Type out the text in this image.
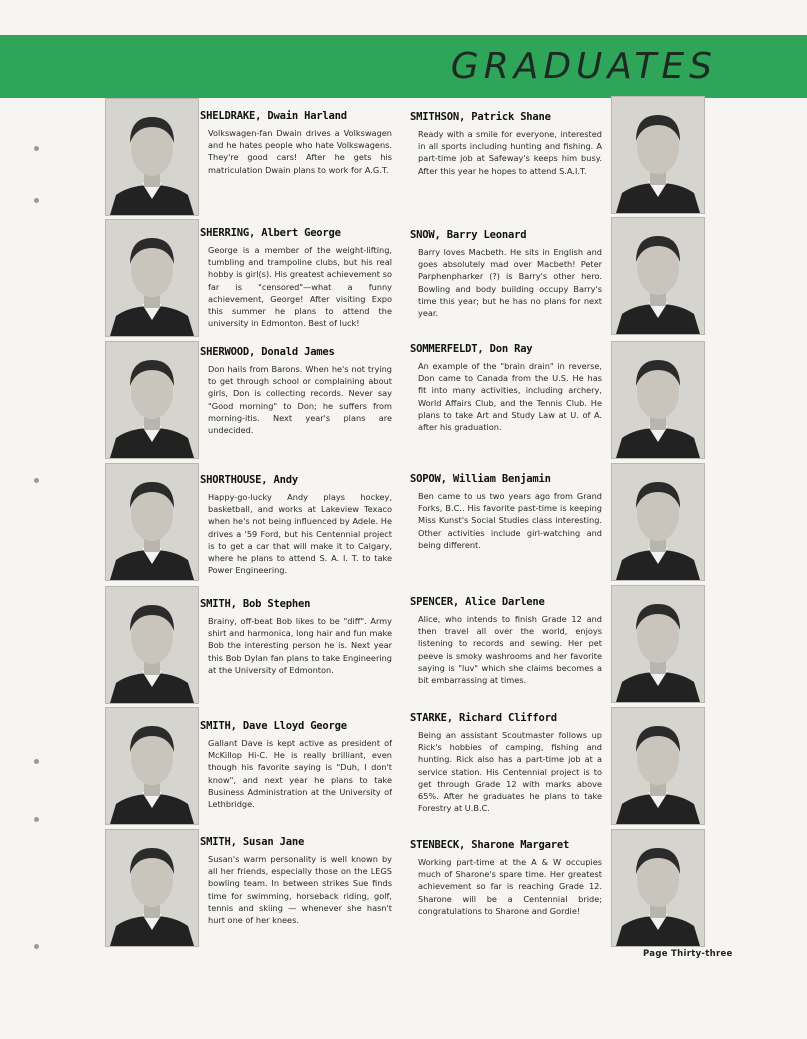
GRADUATES
SHELDRAKE, Dwain Harland
Volkswagen-fan Dwain drives a Volkswagen and he hates people who hate Volkswagens. They're good cars! After he gets his matriculation Dwain plans to work for A.G.T.
SHERRING, Albert George
George is a member of the weight-lifting, tumbling and trampoline clubs, but his real hobby is girl(s). His greatest achievement so far is "censored"—what a funny achievement, George! After visiting Expo this summer he plans to attend the university in Edmonton. Best of luck!
SHERWOOD, Donald James
Don hails from Barons. When he's not trying to get through school or complaining about girls, Don is collecting records. Never say "Good morning" to Don; he suffers from morning-itis. Next year's plans are undecided.
SHORTHOUSE, Andy
Happy-go-lucky Andy plays hockey, basketball, and works at Lakeview Texaco when he's not being influenced by Adele. He drives a '59 Ford, but his Centennial project is to get a car that will make it to Calgary, where he plans to attend S. A. I. T. to take Power Engineering.
SMITH, Bob Stephen
Brainy, off-beat Bob likes to be "diff". Army shirt and harmonica, long hair and fun make Bob the interesting person he is. Next year this Bob Dylan fan plans to take Engineering at the University of Edmonton.
SMITH, Dave Lloyd George
Gallant Dave is kept active as president of McKillop Hi-C. He is really brilliant, even though his favorite saying is "Duh, I don't know", and next year he plans to take Business Administration at the University of Lethbridge.
SMITH, Susan Jane
Susan's warm personality is well known by all her friends, especially those on the LEGS bowling team. In between strikes Sue finds time for swimming, horseback riding, golf, tennis and skiing — whenever she hasn't hurt one of her knees.
SMITHSON, Patrick Shane
Ready with a smile for everyone, interested in all sports including hunting and fishing. A part-time job at Safeway's keeps him busy. After this year he hopes to attend S.A.I.T.
SNOW, Barry Leonard
Barry loves Macbeth. He sits in English and goes absolutely mad over Macbeth! Peter Parphenpharker (?) is Barry's other hero. Bowling and body building occupy Barry's time this year; but he has no plans for next year.
SOMMERFELDT, Don Ray
An example of the "brain drain" in reverse, Don came to Canada from the U.S. He has fit into many activities, including archery, World Affairs Club, and the Tennis Club. He plans to take Art and Study Law at U. of A. after his graduation.
SOPOW, William Benjamin
Ben came to us two years ago from Grand Forks, B.C.. His favorite past-time is keeping Miss Kunst's Social Studies class interesting. Other activities include girl-watching and being different.
SPENCER, Alice Darlene
Alice, who intends to finish Grade 12 and then travel all over the world, enjoys listening to records and sewing. Her pet peeve is smoky washrooms and her favorite saying is "luv" which she claims becomes a bit embarrassing at times.
STARKE, Richard Clifford
Being an assistant Scoutmaster follows up Rick's hobbies of camping, fishing and hunting. Rick also has a part-time job at a service station. His Centennial project is to get through Grade 12 with marks above 65%. After he graduates he plans to take Forestry at U.B.C.
STENBECK, Sharone Margaret
Working part-time at the A & W occupies much of Sharone's spare time. Her greatest achievement so far is reaching Grade 12. Sharone will be a Centennial bride; congratulations to Sharone and Gordie!
Page Thirty-three
